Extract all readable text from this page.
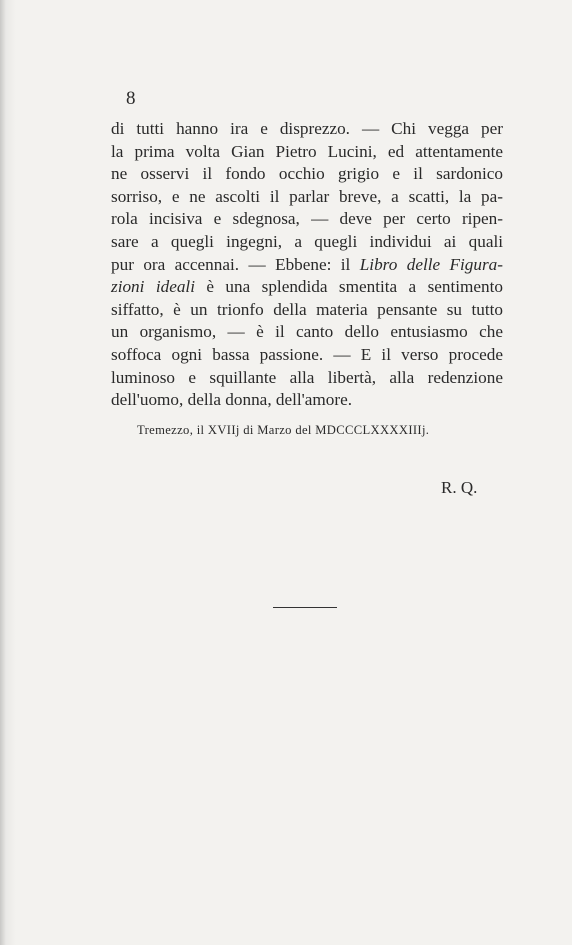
8
di tutti hanno ira e disprezzo. — Chi vegga per
la prima volta Gian Pietro Lucini, ed attentamente
ne osservi il fondo occhio grigio e il sardonico
sorriso, e ne ascolti il parlar breve, a scatti, la pa-
rola incisiva e sdegnosa, — deve per certo ripen-
sare a quegli ingegni, a quegli individui ai quali
pur ora accennai. — Ebbene: il Libro delle Figura-
zioni ideali è una splendida smentita a sentimento
siffatto, è un trionfo della materia pensante su tutto
un organismo, — è il canto dello entusiasmo che
soffoca ogni bassa passione. — E il verso procede
luminoso e squillante alla libertà, alla redenzione
dell'uomo, della donna, dell'amore.
Tremezzo, il XVIIj di Marzo del MDCCCLXXXXIIIj.
R. Q.
